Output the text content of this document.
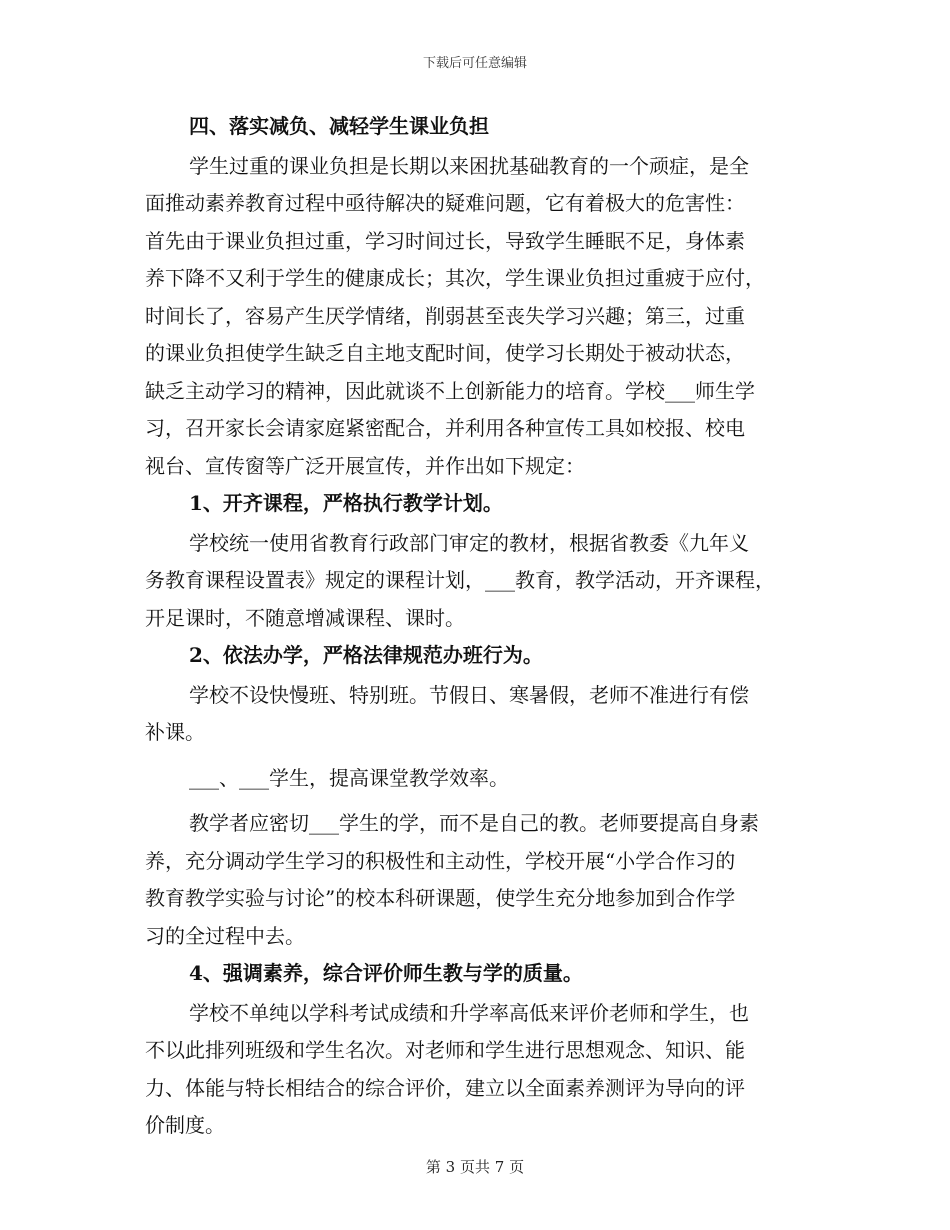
下载后可任意编辑
四、落实减负、减轻学生课业负担
学生过重的课业负担是长期以来困扰基础教育的一个顽症，是全
面推动素养教育过程中亟待解决的疑难问题，它有着极大的危害性：
首先由于课业负担过重，学习时间过长，导致学生睡眠不足，身体素
养下降不又利于学生的健康成长；其次，学生课业负担过重疲于应付，
时间长了，容易产生厌学情绪，削弱甚至丧失学习兴趣；第三，过重
的课业负担使学生缺乏自主地支配时间，使学习长期处于被动状态，
缺乏主动学习的精神，因此就谈不上创新能力的培育。学校___师生学
习，召开家长会请家庭紧密配合，并利用各种宣传工具如校报、校电
视台、宣传窗等广泛开展宣传，并作出如下规定：
1、开齐课程，严格执行教学计划。
学校统一使用省教育行政部门审定的教材，根据省教委《九年义
务教育课程设置表》规定的课程计划，___教育，教学活动，开齐课程，
开足课时，不随意增减课程、课时。
2、依法办学，严格法律规范办班行为。
学校不设快慢班、特别班。节假日、寒暑假，老师不准进行有偿
补课。
___、___学生，提高课堂教学效率。
教学者应密切___学生的学，而不是自己的教。老师要提高自身素
养，充分调动学生学习的积极性和主动性，学校开展“小学合作习的
教育教学实验与讨论”的校本科研课题，使学生充分地参加到合作学
习的全过程中去。
4、强调素养，综合评价师生教与学的质量。
学校不单纯以学科考试成绩和升学率高低来评价老师和学生，也
不以此排列班级和学生名次。对老师和学生进行思想观念、知识、能
力、体能与特长相结合的综合评价，建立以全面素养测评为导向的评
价制度。
第 3 页共 7 页
